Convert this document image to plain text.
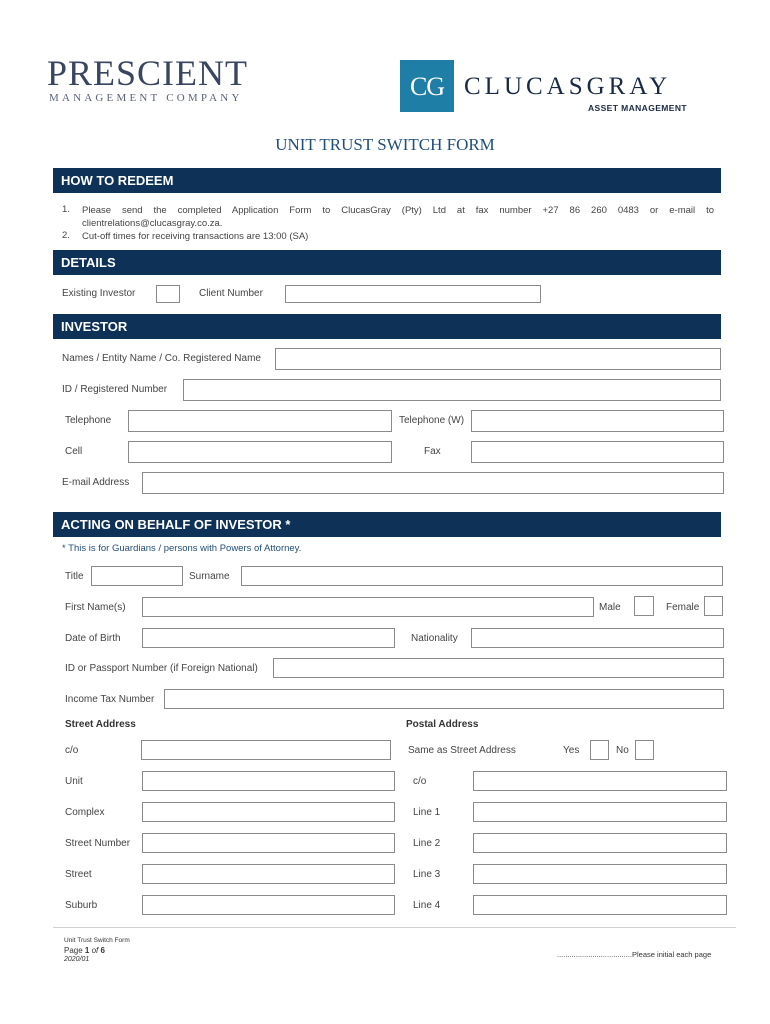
PRESCIENT
MANAGEMENT COMPANY	CG CLUCASGRAY
ASSET MANAGEMENT
UNIT TRUST SWITCH FORM
HOW TO REDEEM
1.	Please send the completed Application Form to ClucasGray (Pty) Ltd at fax number +27 86 260 0483 or e-mail to
clientrelations@clucasgray.co.za.
2.	Cut-off times for receiving transactions are 13:00 (SA)
DETAILS
Existing Investor	Client Number
INVESTOR
Names / Entity Name / Co. Registered Name
ID / Registered Number
Telephone	Telephone (W)
Cell	Fax
E-mail Address
ACTING ON BEHALF OF INVESTOR *
* This is for Guardians / persons with Powers of Attorney.
Title	Surname
First Name(s)	Male	Female
Date of Birth	Nationality
ID or Passport Number (if Foreign National)
Income Tax Number
Street Address	Postal Address
c/o	Same as Street Address	Yes	No
Unit	c/o
Complex	Line 1
Street Number	Line 2
Street	Line 3
Suburb	Line 4
Unit Trust Switch Form
Page 1 of 6
2020/01
....................................Please initial each page
